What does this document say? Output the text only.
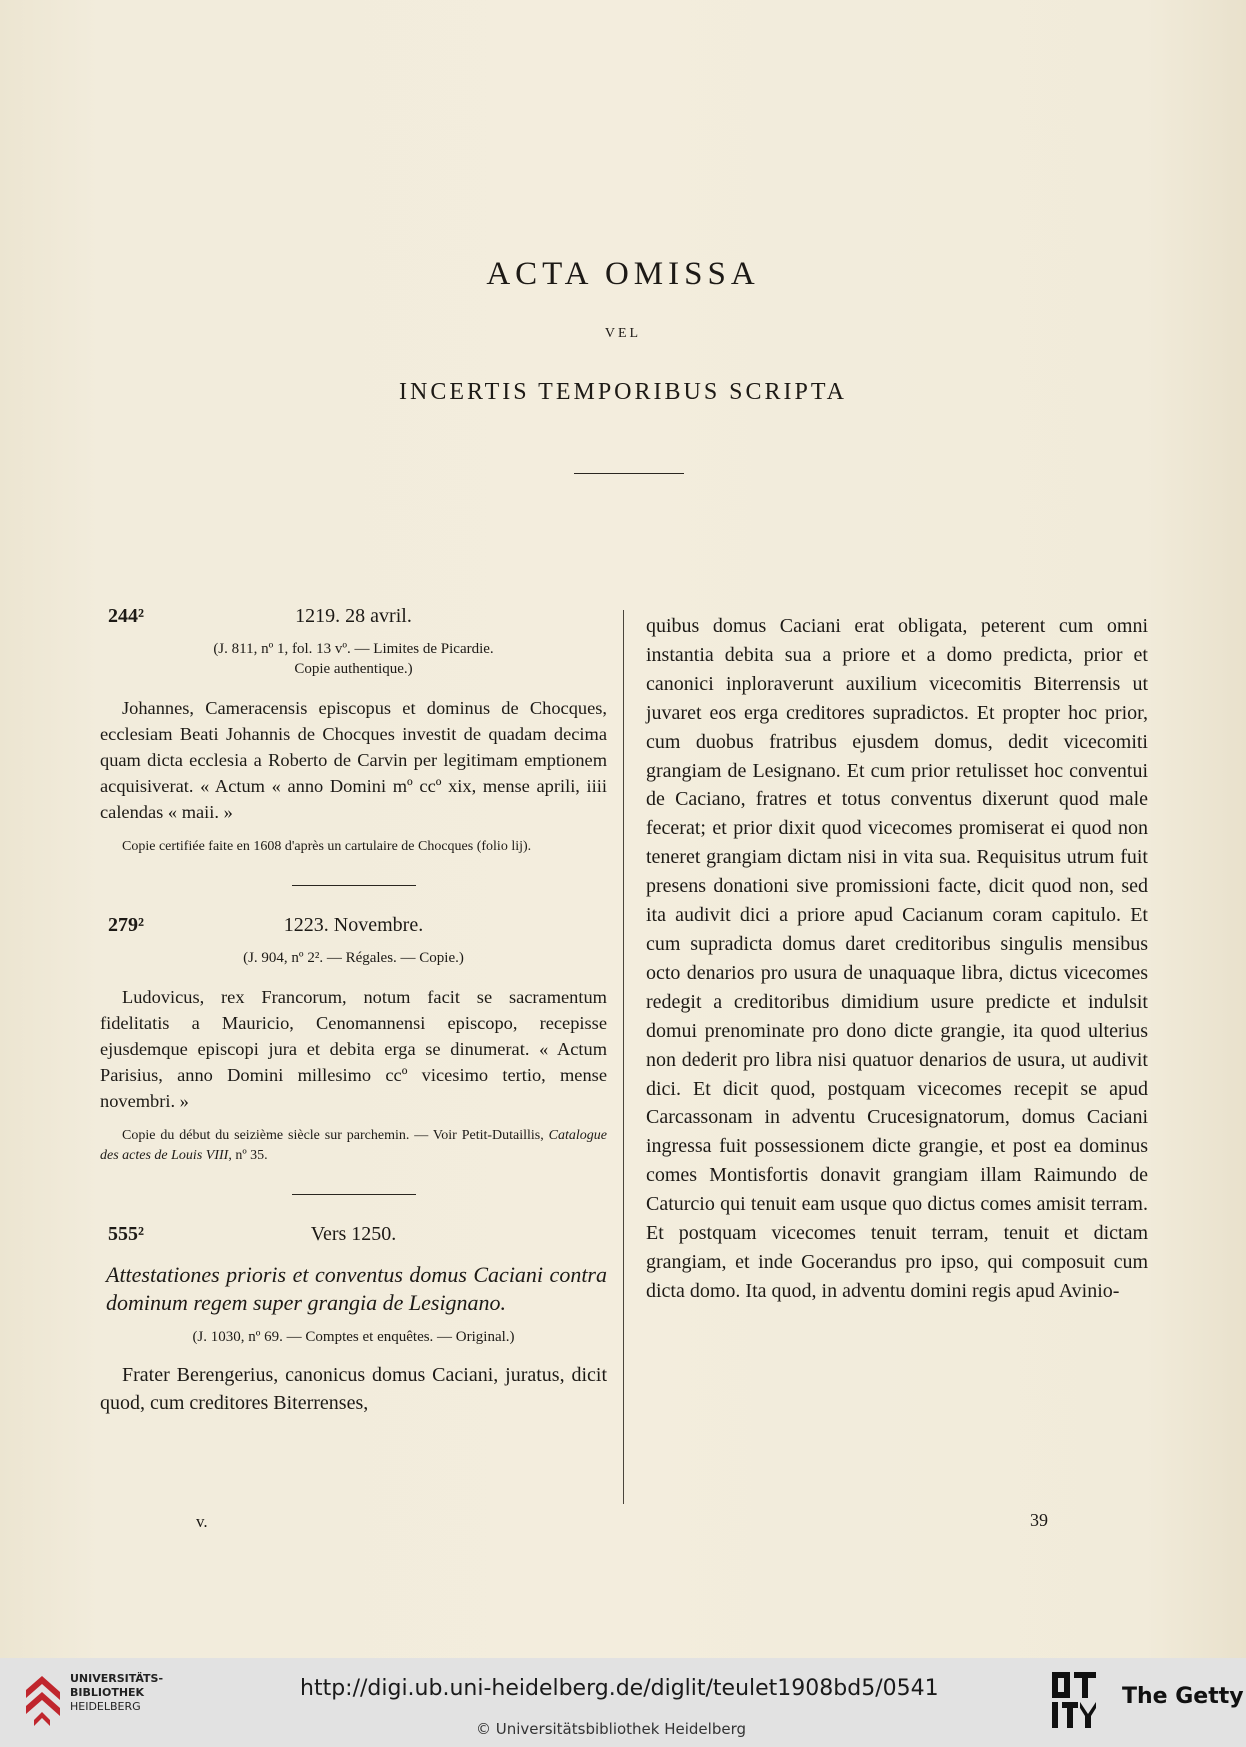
ACTA OMISSA
VEL
INCERTIS TEMPORIBUS SCRIPTA
244²	1219. 28 avril.
(J. 811, nº 1, fol. 13 vº. — Limites de Picardie.
Copie authentique.)

Johannes, Cameracensis episcopus et dominus de Chocques, ecclesiam Beati Johannis de Chocques investit de quadam decima quam dicta ecclesia a Roberto de Carvin per legitimam emptionem acquisiverat. « Actum « anno Domini mº ccº xix, mense aprili, iiii calendas « maii. »

Copie certifiée faite en 1608 d'après un cartulaire de Chocques (folio lij).

279²	1223. Novembre.
(J. 904, nº 2². — Régales. — Copie.)

Ludovicus, rex Francorum, notum facit se sacramentum fidelitatis a Mauricio, Cenomannensi episcopo, recepisse ejusdemque episcopi jura et debita erga se dinumerat. « Actum Parisius, anno Domini millesimo ccº vicesimo tertio, mense novembri. »

Copie du début du seizième siècle sur parchemin. — Voir Petit-Dutaillis, Catalogue des actes de Louis VIII, nº 35.

555²	Vers 1250.

Attestationes prioris et conventus domus Caciani contra dominum regem super grangia de Lesignano.

(J. 1030, nº 69. — Comptes et enquêtes. — Original.)

Frater Berengerius, canonicus domus Caciani, juratus, dicit quod, cum creditores Biterrenses,

quibus domus Caciani erat obligata, peterent cum omni instantia debita sua a priore et a domo predicta, prior et canonici inploraverunt auxilium vicecomitis Biterrensis ut juvaret eos erga creditores supradictos. Et propter hoc prior, cum duobus fratribus ejusdem domus, dedit vicecomiti grangiam de Lesignano. Et cum prior retulisset hoc conventui de Caciano, fratres et totus conventus dixerunt quod male fecerat; et prior dixit quod vicecomes promiserat ei quod non teneret grangiam dictam nisi in vita sua. Requisitus utrum fuit presens donationi sive promissioni facte, dicit quod non, sed ita audivit dici a priore apud Cacianum coram capitulo. Et cum supradicta domus daret creditoribus singulis mensibus octo denarios pro usura de unaquaque libra, dictus vicecomes redegit a creditoribus dimidium usure predicte et indulsit domui prenominate pro dono dicte grangie, ita quod ulterius non dederit pro libra nisi quatuor denarios de usura, ut audivit dici. Et dicit quod, postquam vicecomes recepit se apud Carcassonam in adventu Crucesignatorum, domus Caciani ingressa fuit possessionem dicte grangie, et post ea dominus comes Montisfortis donavit grangiam illam Raimundo de Caturcio qui tenuit eam usque quo dictus comes amisit terram. Et postquam vicecomes tenuit terram, tenuit et dictam grangiam, et inde Gocerandus pro ipso, qui composuit cum dicta domo. Ita quod, in adventu domini regis apud Avinio-

v.	39
UNIVERSITÄTS-
BIBLIOTHEK
HEIDELBERG
http://digi.ub.uni-heidelberg.de/diglit/teulet1908bd5/0541
© Universitätsbibliothek Heidelberg
The Getty
